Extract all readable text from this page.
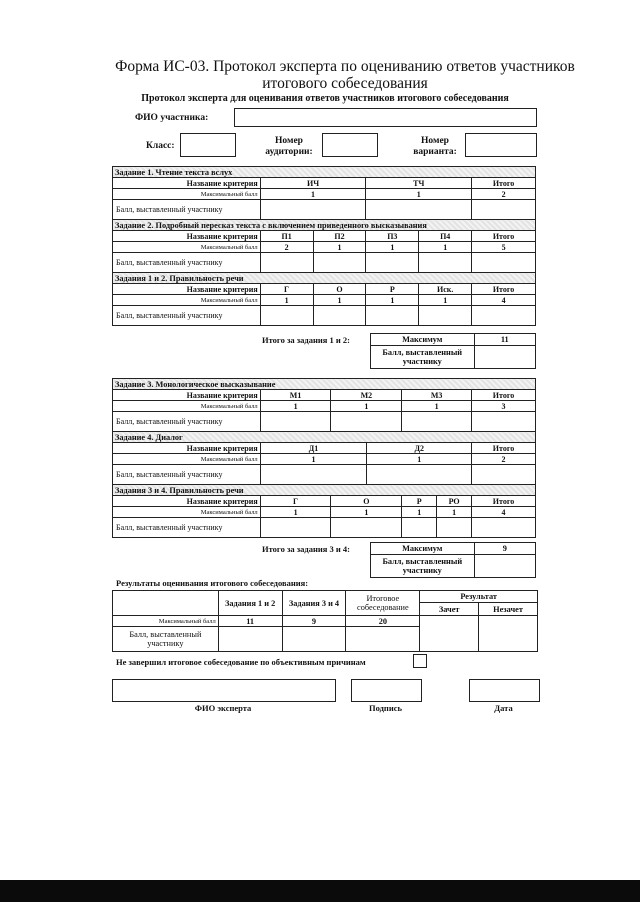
Форма ИС-03. Протокол эксперта по оцениванию ответов участников итогового собеседования
Протокол эксперта для оценивания ответов участников итогового собеседования
ФИО участника:
Класс:	Номер аудитории:
Номер варианта:
Задание 1. Чтение текста вслух					
Название критерия	ИЧ		ТЧ		Итого
Максимальный балл	1		1		2
Балл, выставленный участнику					
Задание 2. Подробный пересказ текста с включением приведенного высказывания					
Название критерия	П1	П2	П3	П4	Итого
Максимальный балл	2	1	1	1	5
Балл, выставленный участнику					
Задания 1 и 2. Правильность речи					
Название критерия	Г	О	Р	Иск.	Итого
Максимальный балл	1	1	1	1	4
Балл, выставленный участнику					
Итого за задания 1 и 2:	Максимум	11
Балл, выставленный участнику	
Задание 3. Монологическое высказывание						
Название критерия	М1	М2		М3		Итого
Максимальный балл	1	1		1		3
Балл, выставленный участнику						
Задание 4. Диалог						
Название критерия	Д1		Д2			Итого
Максимальный балл	1		1			2
Балл, выставленный участнику						
Задания 3 и 4. Правильность речи						
Название критерия	Г	О		Р	РО	Итого
Максимальный балл	1	1		1	1	4
Балл, выставленный участнику						
Итого за задания 3 и 4:	Максимум	9
Балл, выставленный участнику	
Результаты оценивания итогового собеседования:
	Задания 1 и 2	Задания 3 и 4	Итоговое собеседование	Результат	
				Зачет	Незачет
Максимальный балл	11	9	20		
Балл, выставленный участнику					
Не завершил итоговое собеседование по объективным причинам
ФИО эксперта	Подпись	Дата
